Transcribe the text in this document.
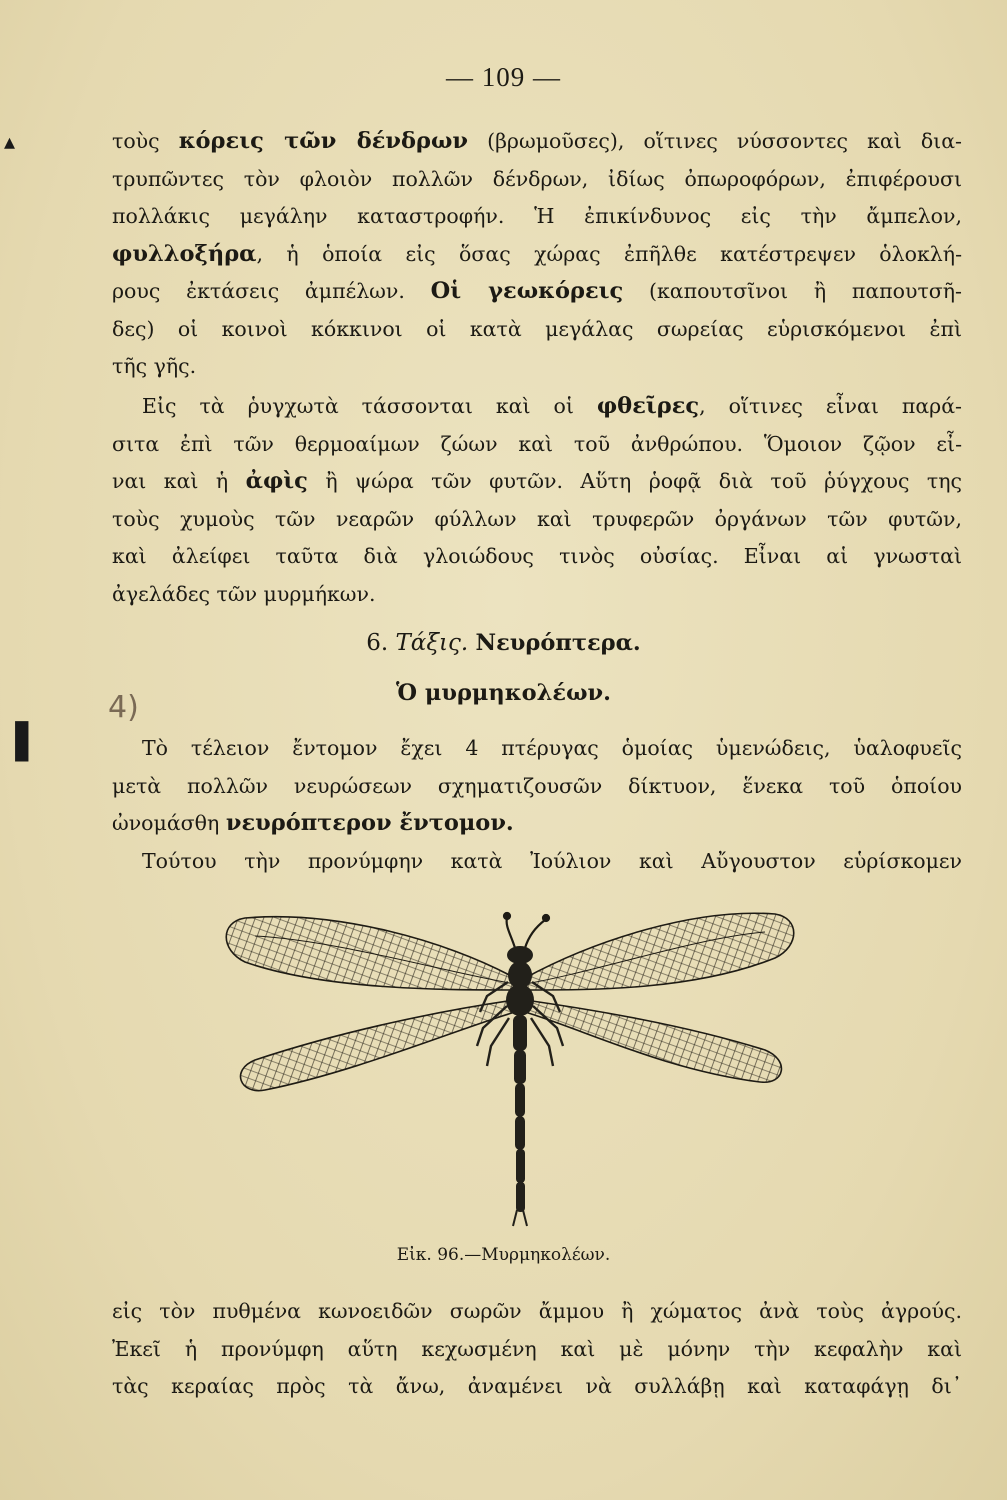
— 109 —
▴
▐
τοὺς κόρεις τῶν δένδρων (βρωμοῦσες), οἵτινες νύσσοντες καὶ δια-
τρυπῶντες τὸν φλοιὸν πολλῶν δένδρων, ἰδίως ὀπωροφόρων, ἐπιφέρουσι
πολλάκις μεγάλην καταστροφήν. Ἡ ἐπικίνδυνος εἰς τὴν ἄμπελον,
φυλλοξήρα, ἡ ὁποία εἰς ὅσας χώρας ἐπῆλθε κατέστρεψεν ὁλοκλή-
ρους ἐκτάσεις ἀμπέλων. Οἱ γεωκόρεις (καπουτσῖνοι ἢ παπουτσῆ-
δες) οἱ κοινοὶ κόκκινοι οἱ κατὰ μεγάλας σωρείας εὑρισκόμενοι ἐπὶ
τῆς γῆς.
Εἰς τὰ ῥυγχωτὰ τάσσονται καὶ οἱ φθεῖρες, οἵτινες εἶναι παρά-
σιτα ἐπὶ τῶν θερμοαίμων ζώων καὶ τοῦ ἀνθρώπου. Ὅμοιον ζῷον εἶ-
ναι καὶ ἡ ἀφὶς ἢ ψώρα τῶν φυτῶν. Αὕτη ῥοφᾷ διὰ τοῦ ῥύγχους της
τοὺς χυμοὺς τῶν νεαρῶν φύλλων καὶ τρυφερῶν ὀργάνων τῶν φυτῶν,
καὶ ἀλείφει ταῦτα διὰ γλοιώδους τινὸς οὐσίας. Εἶναι αἱ γνωσταὶ
ἀγελάδες τῶν μυρμήκων.
6. Τάξις. Νευρόπτερα.
4)	Ὁ μυρμηκολέων.
Τὸ τέλειον ἔντομον ἔχει 4 πτέρυγας ὁμοίας ὑμενώδεις, ὑαλοφυεῖς
μετὰ πολλῶν νευρώσεων σχηματιζουσῶν δίκτυον, ἕνεκα τοῦ ὁποίου
ὠνομάσθη νευρόπτερον ἔντομον.
Τούτου τὴν προνύμφην κατὰ Ἰούλιον καὶ Αὔγουστον εὑρίσκομεν
Εἰκ. 96.—Μυρμηκολέων.
εἰς τὸν πυθμένα κωνοειδῶν σωρῶν ἄμμου ἢ χώματος ἀνὰ τοὺς ἀγρούς.
Ἐκεῖ ἡ προνύμφη αὕτη κεχωσμένη καὶ μὲ μόνην τὴν κεφαλὴν καὶ
τὰς κεραίας πρὸς τὰ ἄνω, ἀναμένει νὰ συλλάβῃ καὶ καταφάγῃ δι᾽
